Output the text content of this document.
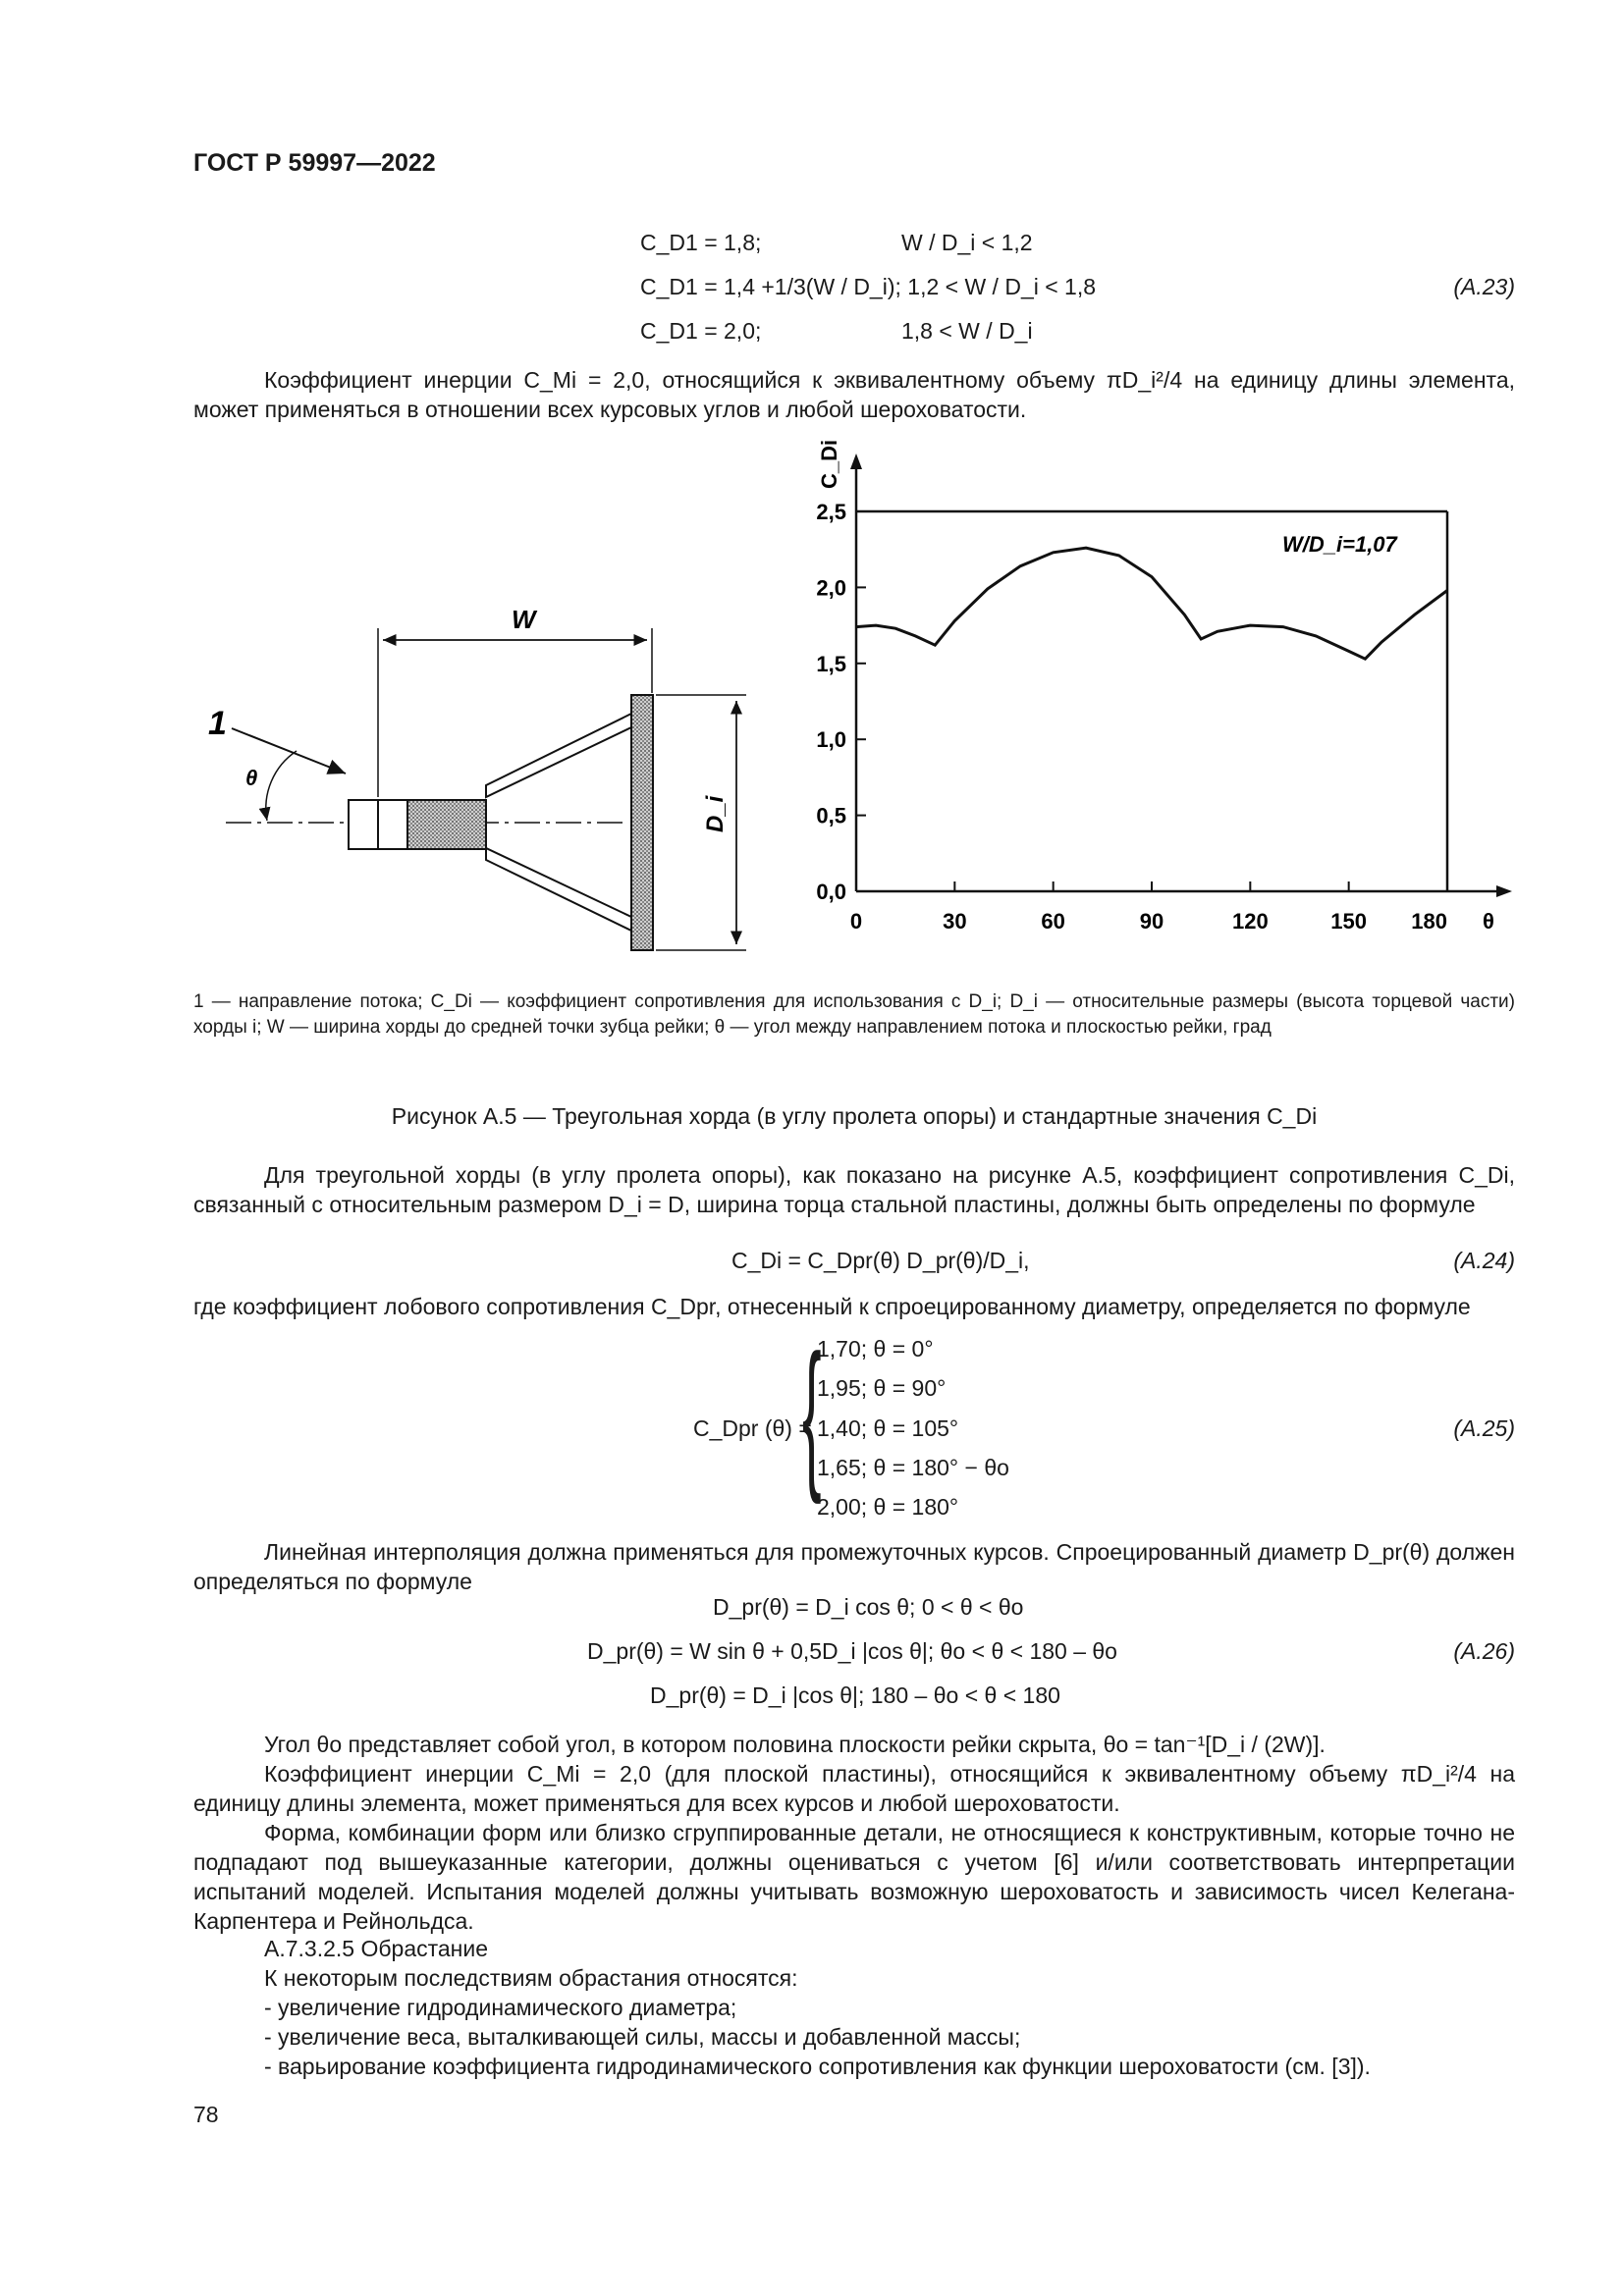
ГОСТ Р 59997—2022
C_D1 = 1,8;	W / D_i < 1,2
C_D1 = 1,4 +1/3(W / D_i); 1,2 < W / D_i < 1,8	(A.23)
C_D1 = 2,0;	1,8 < W / D_i
Коэффициент инерции C_Mi = 2,0, относящийся к эквивалентному объему πD_i²/4 на единицу длины элемента, может применяться в отношении всех курсовых углов и любой шероховатости.
W
D_i
1
θ
C_Di
W/D_i=1,07
θ
0	30	60	90	120	150 180
0,0
0,5
1,0
1,5
2,0
2,5
1 — направление потока; C_Di — коэффициент сопротивления для использования с D_i; D_i — относительные размеры (высота торцевой части) хорды i; W — ширина хорды до средней точки зубца рейки; θ — угол между направлением потока и плоскостью рейки, град
Рисунок A.5 — Треугольная хорда (в углу пролета опоры) и стандартные значения C_Di
Для треугольной хорды (в углу пролета опоры), как показано на рисунке A.5, коэффициент сопротивления C_Di, связанный с относительным размером D_i = D, ширина торца стальной пластины, должны быть определены по формуле
C_Di = C_Dpr(θ) D_pr(θ)/D_i,	(A.24)
где коэффициент лобового сопротивления C_Dpr, отнесенный к спроецированному диаметру, определяется по формуле
C_Dpr (θ) =
{
1,70; θ = 0°
1,95; θ = 90°
1,40; θ = 105°
1,65; θ = 180° − θo
2,00; θ = 180°
(A.25)
Линейная интерполяция должна применяться для промежуточных курсов. Спроецированный диаметр D_pr(θ) должен определяться по формуле
D_pr(θ) = D_i cos θ; 0 < θ < θo
D_pr(θ) = W sin θ + 0,5D_i |cos θ|; θo < θ < 180 – θo	(A.26)
D_pr(θ) = D_i |cos θ|; 180 – θo < θ < 180
Угол θo представляет собой угол, в котором половина плоскости рейки скрыта, θo = tan⁻¹[D_i / (2W)].
Коэффициент инерции C_Mi = 2,0 (для плоской пластины), относящийся к эквивалентному объему πD_i²/4 на единицу длины элемента, может применяться для всех курсов и любой шероховатости.
Форма, комбинации форм или близко сгруппированные детали, не относящиеся к конструктивным, которые точно не подпадают под вышеуказанные категории, должны оцениваться с учетом [6] и/или соответствовать интерпретации испытаний моделей. Испытания моделей должны учитывать возможную шероховатость и зависимость чисел Келегана-Карпентера и Рейнольдса.
A.7.3.2.5 Обрастание
К некоторым последствиям обрастания относятся:
- увеличение гидродинамического диаметра;
- увеличение веса, выталкивающей силы, массы и добавленной массы;
- варьирование коэффициента гидродинамического сопротивления как функции шероховатости (см. [3]).
78
